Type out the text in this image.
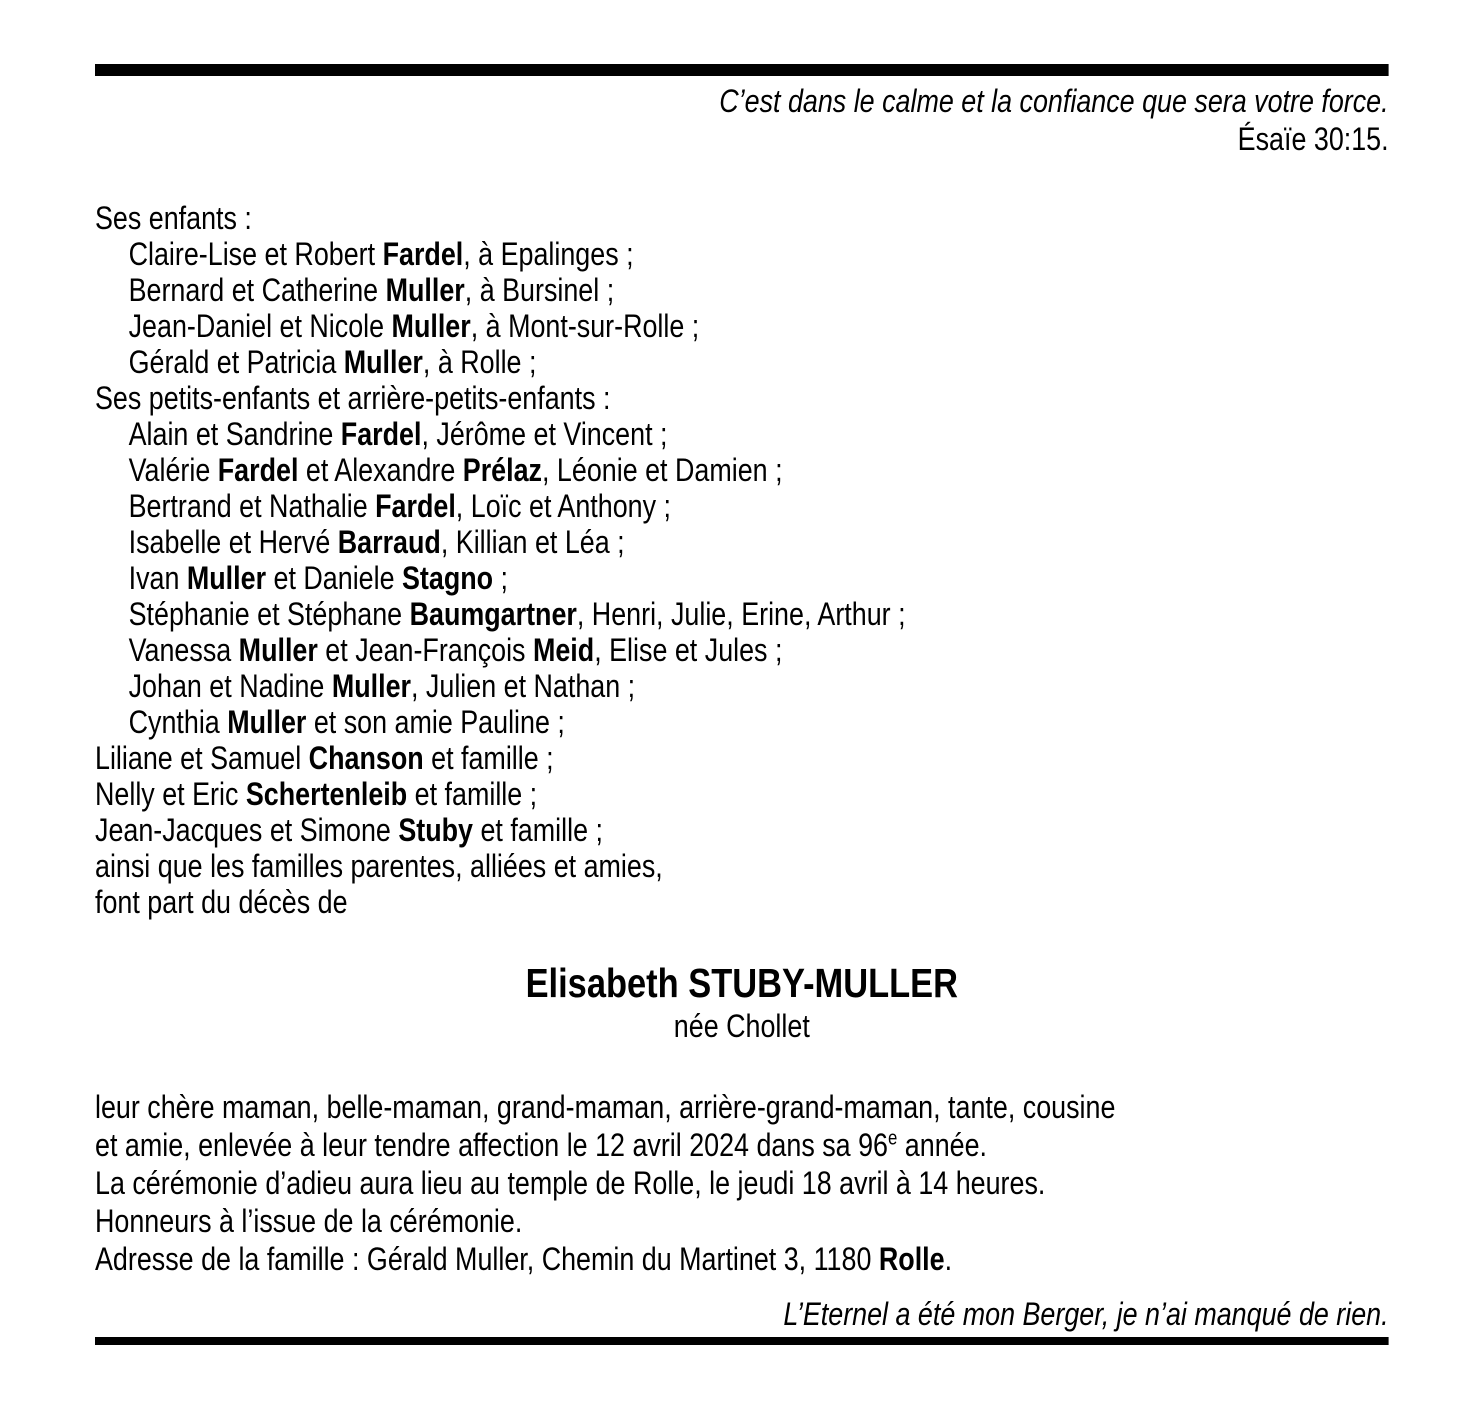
C’est dans le calme et la confiance que sera votre force.
Ésaïe 30:15.
Ses enfants :
Claire-Lise et Robert Fardel, à Epalinges ;
Bernard et Catherine Muller, à Bursinel ;
Jean-Daniel et Nicole Muller, à Mont-sur-Rolle ;
Gérald et Patricia Muller, à Rolle ;
Ses petits-enfants et arrière-petits-enfants :
Alain et Sandrine Fardel, Jérôme et Vincent ;
Valérie Fardel et Alexandre Prélaz, Léonie et Damien ;
Bertrand et Nathalie Fardel, Loïc et Anthony ;
Isabelle et Hervé Barraud, Killian et Léa ;
Ivan Muller et Daniele Stagno ;
Stéphanie et Stéphane Baumgartner, Henri, Julie, Erine, Arthur ;
Vanessa Muller et Jean-François Meid, Elise et Jules ;
Johan et Nadine Muller, Julien et Nathan ;
Cynthia Muller et son amie Pauline ;
Liliane et Samuel Chanson et famille ;
Nelly et Eric Schertenleib et famille ;
Jean-Jacques et Simone Stuby et famille ;
ainsi que les familles parentes, alliées et amies,
font part du décès de
Elisabeth STUBY-MULLER
née Chollet
leur chère maman, belle-maman, grand-maman, arrière-grand-maman, tante, cousine
et amie, enlevée à leur tendre affection le 12 avril 2024 dans sa 96e année.
La cérémonie d’adieu aura lieu au temple de Rolle, le jeudi 18 avril à 14 heures.
Honneurs à l’issue de la cérémonie.
Adresse de la famille : Gérald Muller, Chemin du Martinet 3, 1180 Rolle.
L’Eternel a été mon Berger, je n’ai manqué de rien.
